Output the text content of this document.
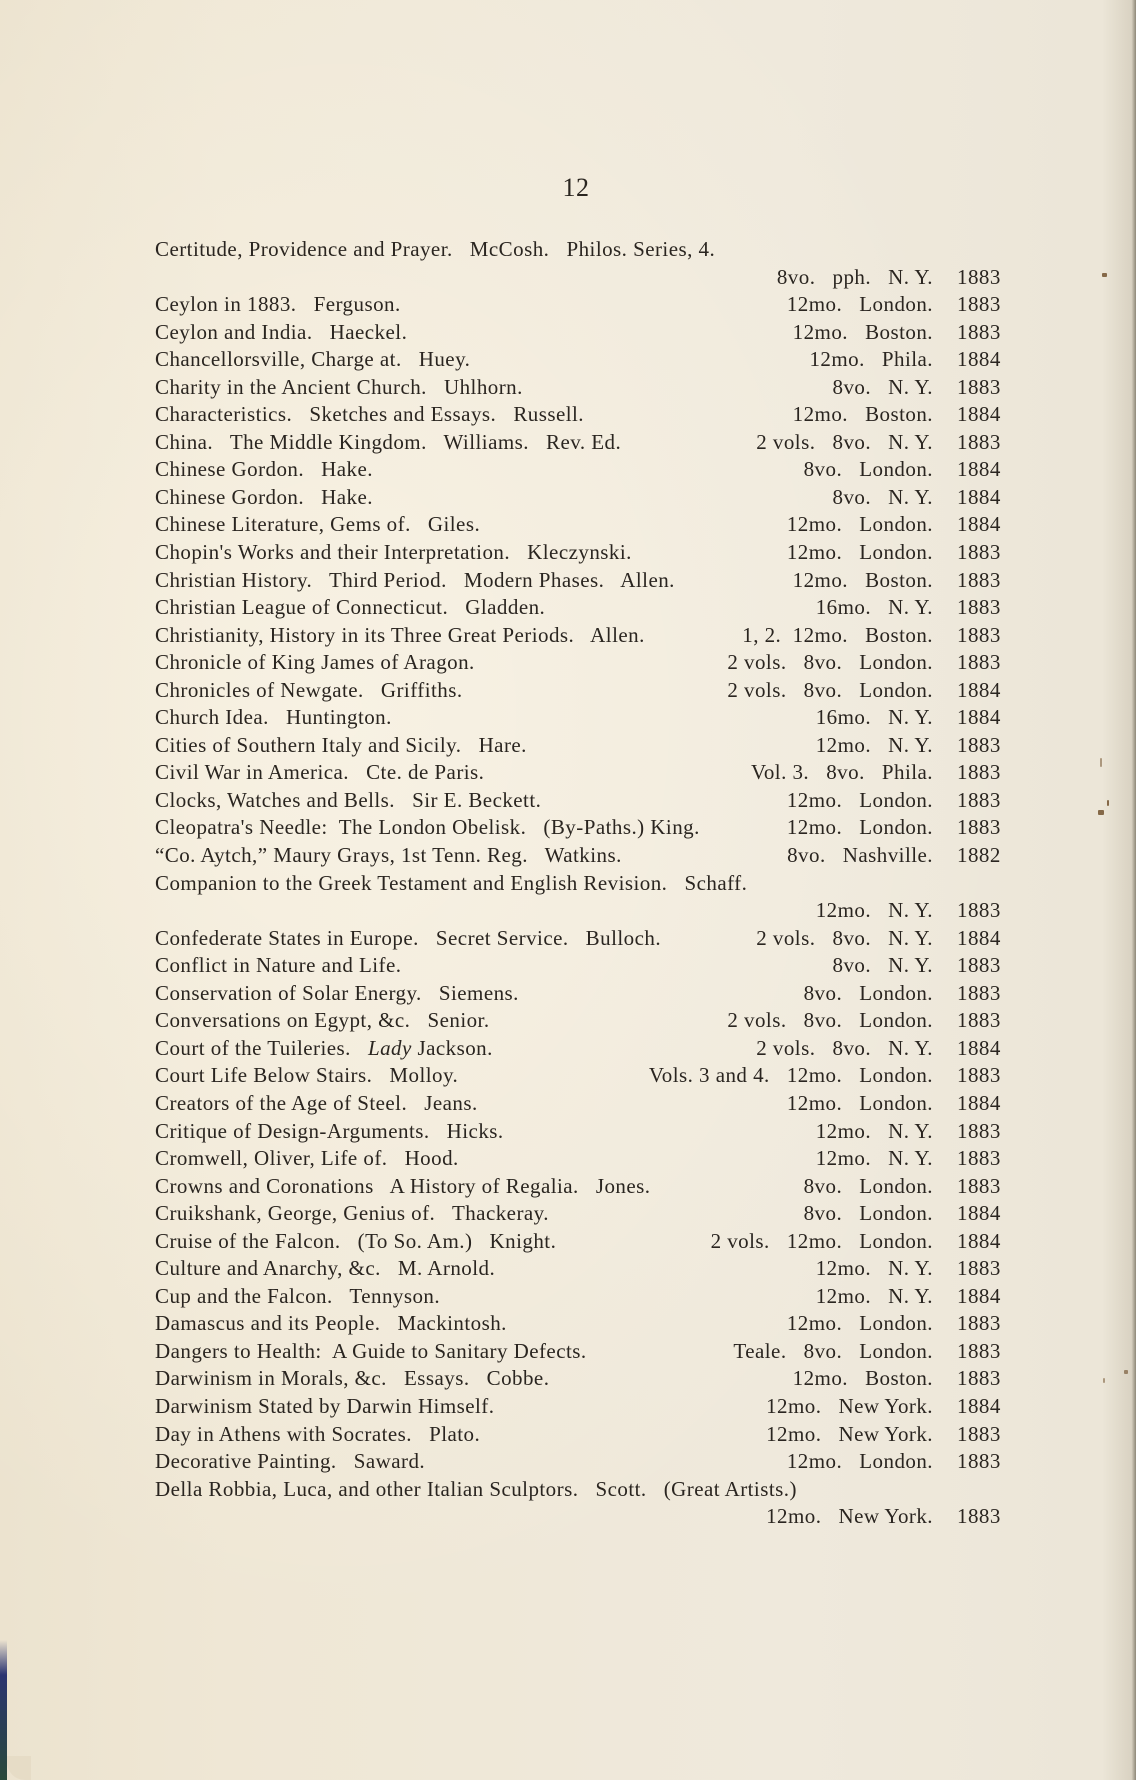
12
Certitude, Providence and Prayer.   McCosh.   Philos. Series, 4.
8vo.   pph.   N. Y. 1883
Ceylon in 1883.   Ferguson.	12mo.   London. 1883
Ceylon and India.   Haeckel.	12mo.   Boston. 1883
Chancellorsville, Charge at.   Huey.	12mo.   Phila. 1884
Charity in the Ancient Church.   Uhlhorn.	8vo.   N. Y. 1883
Characteristics.   Sketches and Essays.   Russell.	12mo.   Boston. 1884
China.   The Middle Kingdom.   Williams.   Rev. Ed.	2 vols.   8vo.   N. Y. 1883
Chinese Gordon.   Hake.	8vo.   London. 1884
Chinese Gordon.   Hake.	8vo.   N. Y. 1884
Chinese Literature, Gems of.   Giles.	12mo.   London. 1884
Chopin's Works and their Interpretation.   Kleczynski.	12mo.   London. 1883
Christian History.   Third Period.   Modern Phases.   Allen.	12mo.   Boston. 1883
Christian League of Connecticut.   Gladden.	16mo.   N. Y. 1883
Christianity, History in its Three Great Periods.   Allen.	1, 2.  12mo.   Boston. 1883
Chronicle of King James of Aragon.	2 vols.   8vo.   London. 1883
Chronicles of Newgate.   Griffiths.	2 vols.   8vo.   London. 1884
Church Idea.   Huntington.	16mo.   N. Y. 1884
Cities of Southern Italy and Sicily.   Hare.	12mo.   N. Y. 1883
Civil War in America.   Cte. de Paris.	Vol. 3.   8vo.   Phila. 1883
Clocks, Watches and Bells.   Sir E. Beckett.	12mo.   London. 1883
Cleopatra's Needle:  The London Obelisk.   (By-Paths.) King.	12mo.   London. 1883
“Co. Aytch,” Maury Grays, 1st Tenn. Reg.   Watkins.	8vo.   Nashville. 1882
Companion to the Greek Testament and English Revision.   Schaff.
12mo.   N. Y. 1883
Confederate States in Europe.   Secret Service.   Bulloch.	2 vols.   8vo.   N. Y. 1884
Conflict in Nature and Life.	8vo.   N. Y. 1883
Conservation of Solar Energy.   Siemens.	8vo.   London. 1883
Conversations on Egypt, &c.   Senior.	2 vols.   8vo.   London. 1883
Court of the Tuileries.   Lady Jackson.	2 vols.   8vo.   N. Y. 1884
Court Life Below Stairs.   Molloy.	Vols. 3 and 4.   12mo.   London. 1883
Creators of the Age of Steel.   Jeans.	12mo.   London. 1884
Critique of Design-Arguments.   Hicks.	12mo.   N. Y. 1883
Cromwell, Oliver, Life of.   Hood.	12mo.   N. Y. 1883
Crowns and Coronations   A History of Regalia.   Jones.	8vo.   London. 1883
Cruikshank, George, Genius of.   Thackeray.	8vo.   London. 1884
Cruise of the Falcon.   (To So. Am.)   Knight.	2 vols.   12mo.   London. 1884
Culture and Anarchy, &c.   M. Arnold.	12mo.   N. Y. 1883
Cup and the Falcon.   Tennyson.	12mo.   N. Y. 1884
Damascus and its People.   Mackintosh.	12mo.   London. 1883
Dangers to Health:  A Guide to Sanitary Defects.	Teale.   8vo.   London. 1883
Darwinism in Morals, &c.   Essays.   Cobbe.	12mo.   Boston. 1883
Darwinism Stated by Darwin Himself.	12mo.   New York. 1884
Day in Athens with Socrates.   Plato.	12mo.   New York. 1883
Decorative Painting.   Saward.	12mo.   London. 1883
Della Robbia, Luca, and other Italian Sculptors.   Scott.   (Great Artists.)
12mo.   New York. 1883
